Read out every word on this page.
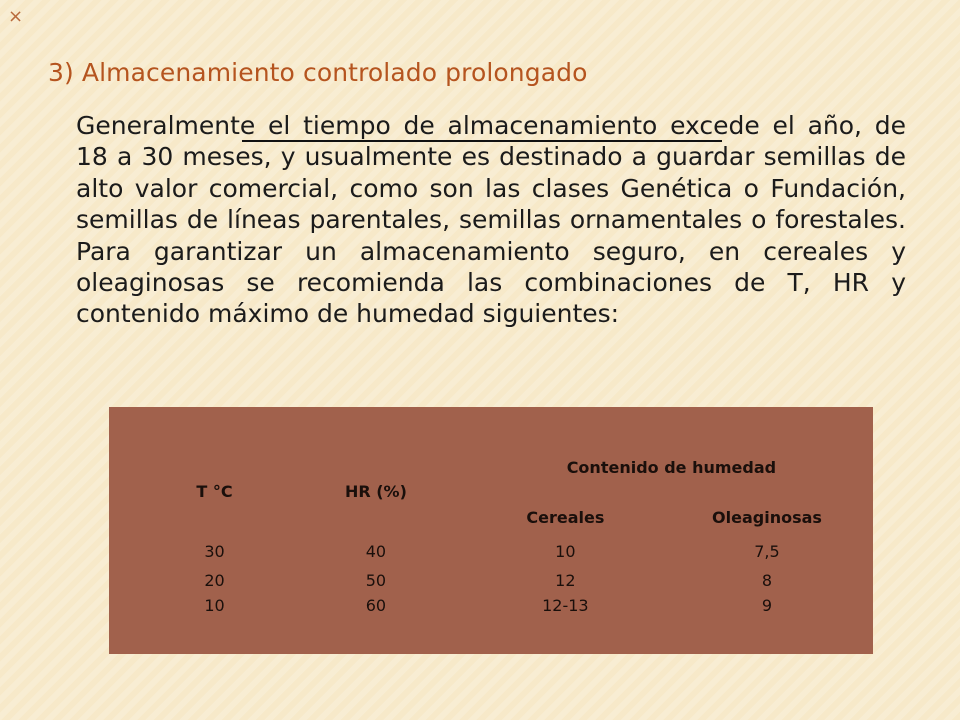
×
3) Almacenamiento controlado prolongado

Generalmente el tiempo de almacenamiento excede el año, de 18 a 30 meses, y usualmente es destinado a guardar semillas de alto valor comercial, como son las clases Genética o Fundación, semillas de líneas parentales, semillas ornamentales o forestales. Para garantizar un almacenamiento seguro, en cereales y oleaginosas se recomienda las combinaciones de T, HR y contenido máximo de humedad siguientes:

		Contenido de humedad	
T °C	HR (%)	Cereales	Oleaginosas
30	40	10	7,5
20	50	12	8
10	60	12-13	9
